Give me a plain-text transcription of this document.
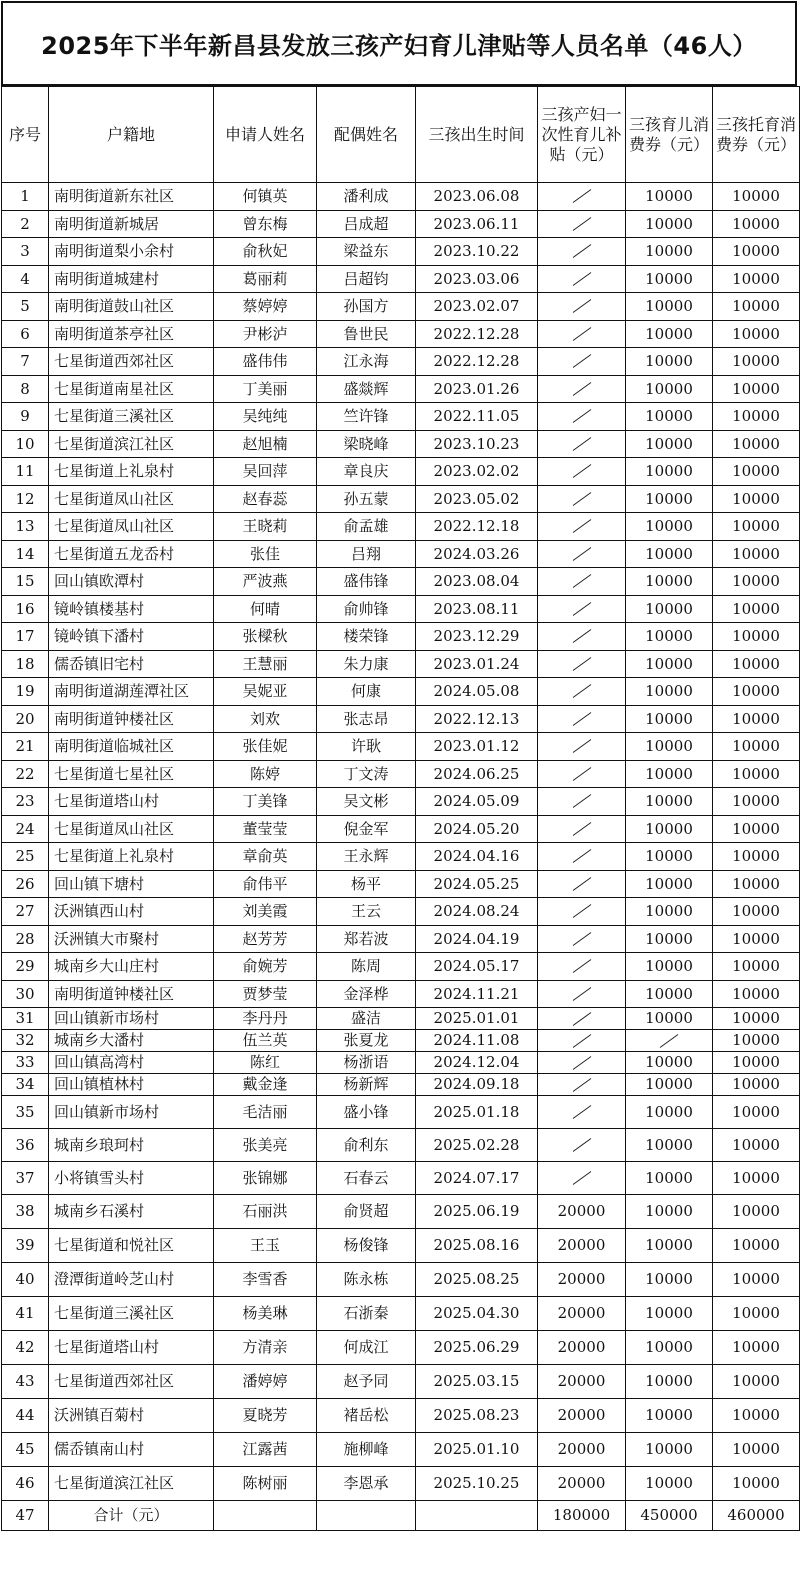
2025年下半年新昌县发放三孩产妇育儿津贴等人员名单（46人）
序号	户籍地	申请人姓名	配偶姓名	三孩出生时间	三孩产妇一次性育儿补贴（元）	三孩育儿消费券（元）	三孩托育消费券（元）
1	南明街道新东社区	何镇英	潘利成	2023.06.08		10000	10000
2	南明街道新城居	曾东梅	吕成超	2023.06.11		10000	10000
3	南明街道梨小余村	俞秋妃	梁益东	2023.10.22		10000	10000
4	南明街道城建村	葛丽莉	吕超钧	2023.03.06		10000	10000
5	南明街道鼓山社区	蔡婷婷	孙国方	2023.02.07		10000	10000
6	南明街道茶亭社区	尹彬泸	鲁世民	2022.12.28		10000	10000
7	七星街道西郊社区	盛伟伟	江永海	2022.12.28		10000	10000
8	七星街道南星社区	丁美丽	盛燚辉	2023.01.26		10000	10000
9	七星街道三溪社区	吴纯纯	竺许锋	2022.11.05		10000	10000
10	七星街道滨江社区	赵旭楠	梁晓峰	2023.10.23		10000	10000
11	七星街道上礼泉村	吴回萍	章良庆	2023.02.02		10000	10000
12	七星街道凤山社区	赵春蕊	孙五蒙	2023.05.02		10000	10000
13	七星街道凤山社区	王晓莉	俞孟雄	2022.12.18		10000	10000
14	七星街道五龙岙村	张佳	吕翔	2024.03.26		10000	10000
15	回山镇欧潭村	严波燕	盛伟锋	2023.08.04		10000	10000
16	镜岭镇楼基村	何晴	俞帅锋	2023.08.11		10000	10000
17	镜岭镇下潘村	张樑秋	楼荣锋	2023.12.29		10000	10000
18	儒岙镇旧宅村	王慧丽	朱力康	2023.01.24		10000	10000
19	南明街道湖莲潭社区	吴妮亚	何康	2024.05.08		10000	10000
20	南明街道钟楼社区	刘欢	张志昂	2022.12.13		10000	10000
21	南明街道临城社区	张佳妮	许耿	2023.01.12		10000	10000
22	七星街道七星社区	陈婷	丁文涛	2024.06.25		10000	10000
23	七星街道塔山村	丁美锋	吴文彬	2024.05.09		10000	10000
24	七星街道凤山社区	董莹莹	倪金军	2024.05.20		10000	10000
25	七星街道上礼泉村	章俞英	王永辉	2024.04.16		10000	10000
26	回山镇下塘村	俞伟平	杨平	2024.05.25		10000	10000
27	沃洲镇西山村	刘美霞	王云	2024.08.24		10000	10000
28	沃洲镇大市聚村	赵芳芳	郑若波	2024.04.19		10000	10000
29	城南乡大山庄村	俞婉芳	陈周	2024.05.17		10000	10000
30	南明街道钟楼社区	贾梦莹	金泽桦	2024.11.21		10000	10000
31	回山镇新市场村	李丹丹	盛洁	2025.01.01		10000	10000
32	城南乡大潘村	伍兰英	张夏龙	2024.11.08			10000
33	回山镇高湾村	陈红	杨浙语	2024.12.04		10000	10000
34	回山镇植林村	戴金逢	杨新辉	2024.09.18		10000	10000
35	回山镇新市场村	毛洁丽	盛小锋	2025.01.18		10000	10000
36	城南乡琅珂村	张美亮	俞利东	2025.02.28		10000	10000
37	小将镇雪头村	张锦娜	石春云	2024.07.17		10000	10000
38	城南乡石溪村	石丽洪	俞贤超	2025.06.19	20000	10000	10000
39	七星街道和悦社区	王玉	杨俊锋	2025.08.16	20000	10000	10000
40	澄潭街道岭芝山村	李雪香	陈永栋	2025.08.25	20000	10000	10000
41	七星街道三溪社区	杨美琳	石浙秦	2025.04.30	20000	10000	10000
42	七星街道塔山村	方清亲	何成江	2025.06.29	20000	10000	10000
43	七星街道西郊社区	潘婷婷	赵予同	2025.03.15	20000	10000	10000
44	沃洲镇百菊村	夏晓芳	褚岳松	2025.08.23	20000	10000	10000
45	儒岙镇南山村	江露茜	施柳峰	2025.01.10	20000	10000	10000
46	七星街道滨江社区	陈树丽	李恩承	2025.10.25	20000	10000	10000
47	合计（元）				180000	450000	460000
